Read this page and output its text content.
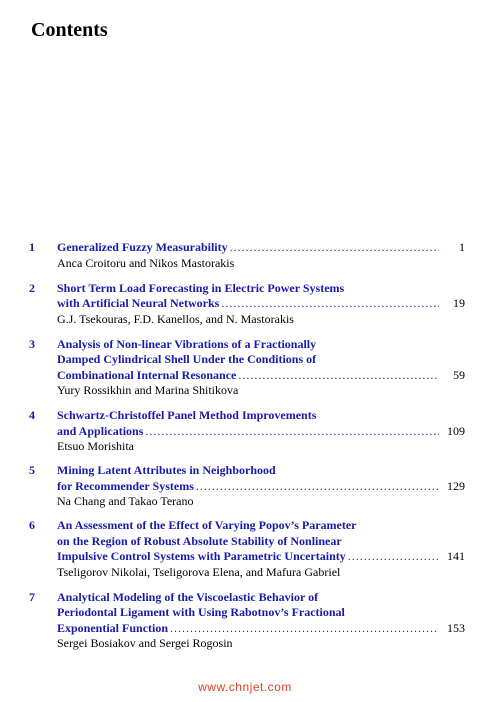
Contents
1 Generalized Fuzzy Measurability .....	1
Anca Croitoru and Nikos Mastorakis
2 Short Term Load Forecasting in Electric Power Systems
with Artificial Neural Networks .....	19
G.J. Tsekouras, F.D. Kanellos, and N. Mastorakis
3 Analysis of Non-linear Vibrations of a Fractionally
Damped Cylindrical Shell Under the Conditions of
Combinational Internal Resonance .....	59
Yury Rossikhin and Marina Shitikova
4 Schwartz-Christoffel Panel Method Improvements
and Applications .....	109
Etsuo Morishita
5 Mining Latent Attributes in Neighborhood
for Recommender Systems .....	129
Na Chang and Takao Terano
6 An Assessment of the Effect of Varying Popov’s Parameter
on the Region of Robust Absolute Stability of Nonlinear
Impulsive Control Systems with Parametric Uncertainty .....	141
Tseligorov Nikolai, Tseligorova Elena, and Mafura Gabriel
7 Analytical Modeling of the Viscoelastic Behavior of
Periodontal Ligament with Using Rabotnov’s Fractional
Exponential Function .....	153
Sergei Bosiakov and Sergei Rogosin
www.chnjet.com
